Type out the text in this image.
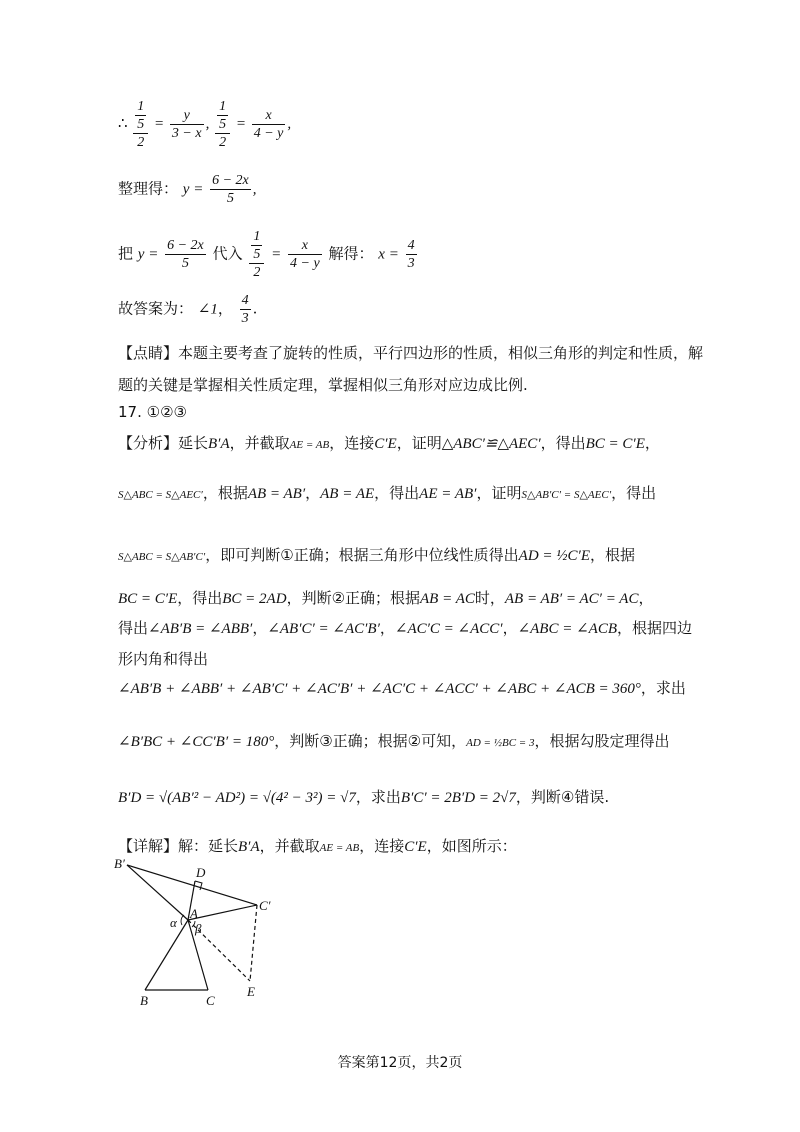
∴ $\frac{\frac{1}{5}}{2} = \frac{y}{3 - x}$ , $\frac{\frac{1}{5}}{2} = \frac{x}{4 - y}$ ,
整理得： $y = \frac{6 - 2x}{5}$ ,
把 $y = \frac{6 - 2x}{5}$ 代入 $\frac{\frac{1}{5}}{2} = \frac{x}{4 - y}$ 解得： $x = \frac{4}{3}$
故答案为： ∠1， $\frac{4}{3}$ .
【点睛】本题主要考查了旋转的性质，平行四边形的性质，相似三角形的判定和性质，解
题的关键是掌握相关性质定理，掌握相似三角形对应边成比例.
17. ①②③
【分析】延长B′A，并截取AE = AB，连接C′E，证明△ABC′≌△AEC′，得出BC = C′E，
S△ABC = S△AEC′，根据AB = AB′，AB = AE，得出AE = AB′，证明S△AB′C′ = S△AEC′，得出
S△ABC = S△AB′C′，即可判断①正确；根据三角形中位线性质得出AD = ½C′E，根据
BC = C′E，得出BC = 2AD，判断②正确；根据AB = AC时，AB = AB′ = AC′ = AC，
得出∠AB′B = ∠ABB′，∠AB′C′ = ∠AC′B′，∠AC′C = ∠ACC′，∠ABC = ∠ACB，根据四边
形内角和得出
∠AB′B + ∠ABB′ + ∠AB′C′ + ∠AC′B′ + ∠AC′C + ∠ACC′ + ∠ABC + ∠ACB = 360°，求出
∠B′BC + ∠CC′B′ = 180°，判断③正确；根据②可知，AD = ½BC = 3，根据勾股定理得出
B′D = √(AB′² − AD²) = √(4² − 3²) = √7，求出B′C′ = 2B′D = 2√7，判断④错误.
【详解】解：延长B′A，并截取AE = AB，连接C′E，如图所示：
B′
D
C′
A
α β
B	C
E
答案第12页，共2页
